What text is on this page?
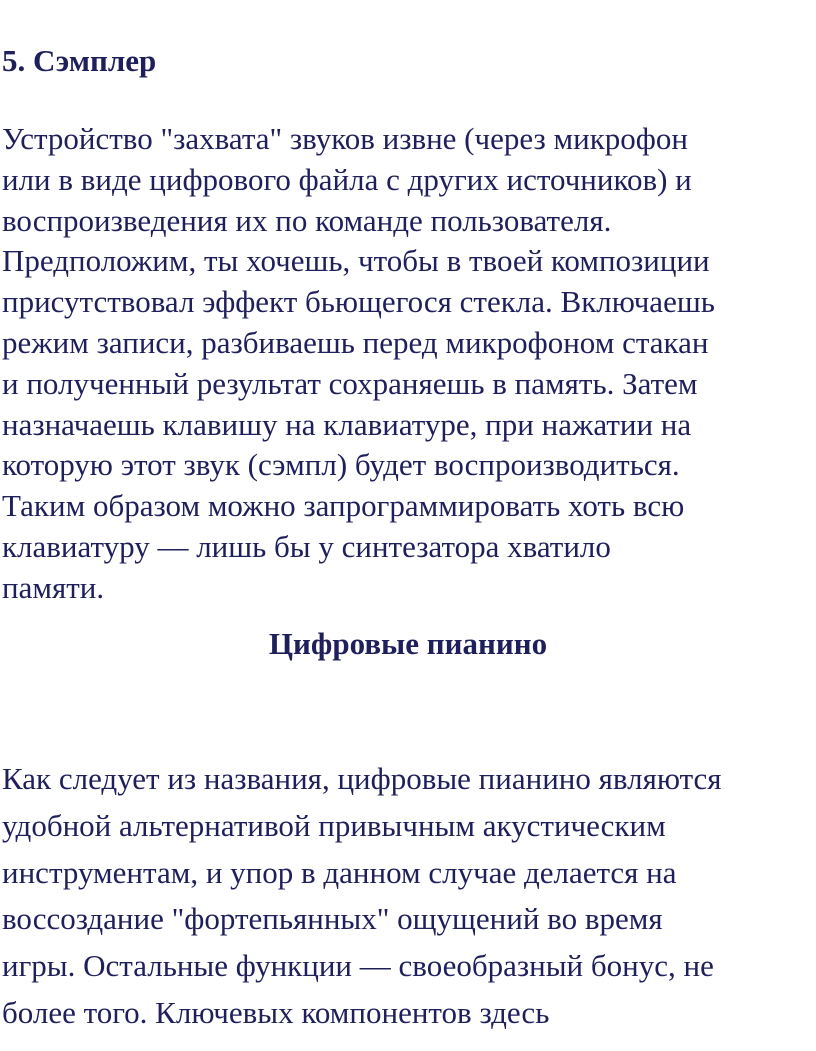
5. Сэмплер

Устройство "захвата" звуков извне (через микрофон
или в виде цифрового файла с других источников) и
воспроизведения их по команде пользователя.
Предположим, ты хочешь, чтобы в твоей композиции
присутствовал эффект бьющегося стекла. Включаешь
режим записи, разбиваешь перед микрофоном стакан
и полученный результат сохраняешь в память. Затем
назначаешь клавишу на клавиатуре, при нажатии на
которую этот звук (сэмпл) будет воспроизводиться.
Таким образом можно запрограммировать хоть всю
клавиатуру — лишь бы у синтезатора хватило
памяти.

Цифровые пианино

Как следует из названия, цифровые пианино являются
удобной альтернативой привычным акустическим
инструментам, и упор в данном случае делается на
воссоздание "фортепьянных" ощущений во время
игры. Остальные функции — своеобразный бонус, не
более того. Ключевых компонентов здесь
